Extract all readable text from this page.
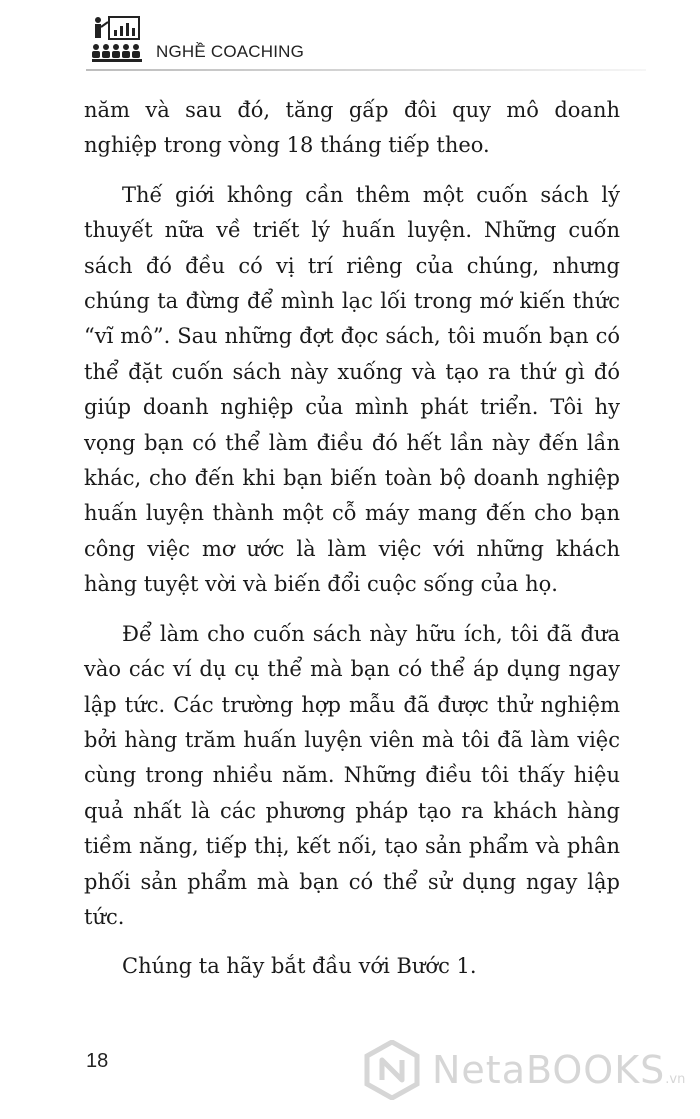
NGHỀ COACHING

năm và sau đó, tăng gấp đôi quy mô doanh nghiệp trong vòng 18 tháng tiếp theo.

Thế giới không cần thêm một cuốn sách lý thuyết nữa về triết lý huấn luyện. Những cuốn sách đó đều có vị trí riêng của chúng, nhưng chúng ta đừng để mình lạc lối trong mớ kiến thức “vĩ mô”. Sau những đợt đọc sách, tôi muốn bạn có thể đặt cuốn sách này xuống và tạo ra thứ gì đó giúp doanh nghiệp của mình phát triển. Tôi hy vọng bạn có thể làm điều đó hết lần này đến lần khác, cho đến khi bạn biến toàn bộ doanh nghiệp huấn luyện thành một cỗ máy mang đến cho bạn công việc mơ ước là làm việc với những khách hàng tuyệt vời và biến đổi cuộc sống của họ.

Để làm cho cuốn sách này hữu ích, tôi đã đưa vào các ví dụ cụ thể mà bạn có thể áp dụng ngay lập tức. Các trường hợp mẫu đã được thử nghiệm bởi hàng trăm huấn luyện viên mà tôi đã làm việc cùng trong nhiều năm. Những điều tôi thấy hiệu quả nhất là các phương pháp tạo ra khách hàng tiềm năng, tiếp thị, kết nối, tạo sản phẩm và phân phối sản phẩm mà bạn có thể sử dụng ngay lập tức.

Chúng ta hãy bắt đầu với Bước 1.

18	NetaBOOKS.vn
